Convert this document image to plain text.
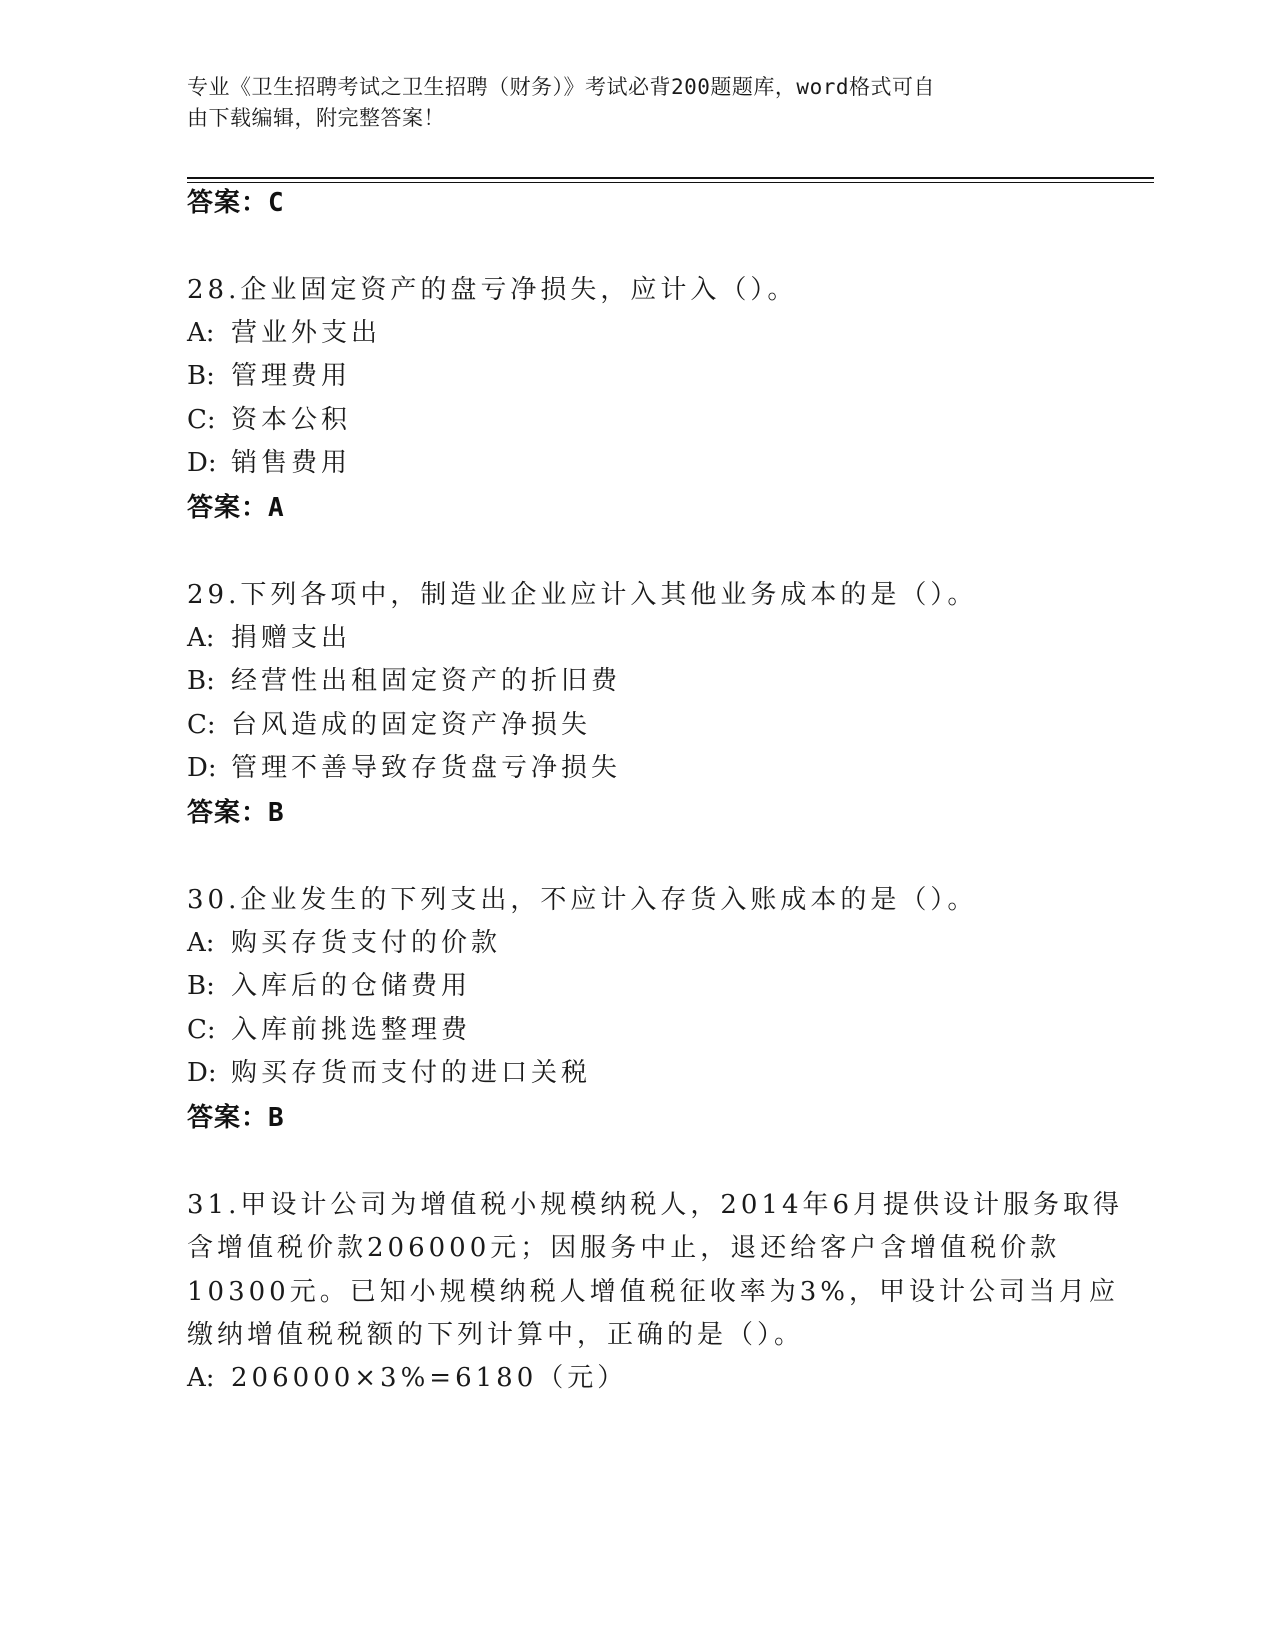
专业《卫生招聘考试之卫生招聘（财务）》考试必背200题题库，word格式可自
由下载编辑，附完整答案！
答案：C
28.企业固定资产的盘亏净损失，应计入（）。
A: 营业外支出
B: 管理费用
C: 资本公积
D: 销售费用
答案：A
29.下列各项中，制造业企业应计入其他业务成本的是（）。
A: 捐赠支出
B: 经营性出租固定资产的折旧费
C: 台风造成的固定资产净损失
D: 管理不善导致存货盘亏净损失
答案：B
30.企业发生的下列支出，不应计入存货入账成本的是（）。
A: 购买存货支付的价款
B: 入库后的仓储费用
C: 入库前挑选整理费
D: 购买存货而支付的进口关税
答案：B
31.甲设计公司为增值税小规模纳税人，2014年6月提供设计服务取得
含增值税价款206000元；因服务中止，退还给客户含增值税价款
10300元。已知小规模纳税人增值税征收率为3%，甲设计公司当月应
缴纳增值税税额的下列计算中，正确的是（）。
A: 206000×3%=6180（元）
